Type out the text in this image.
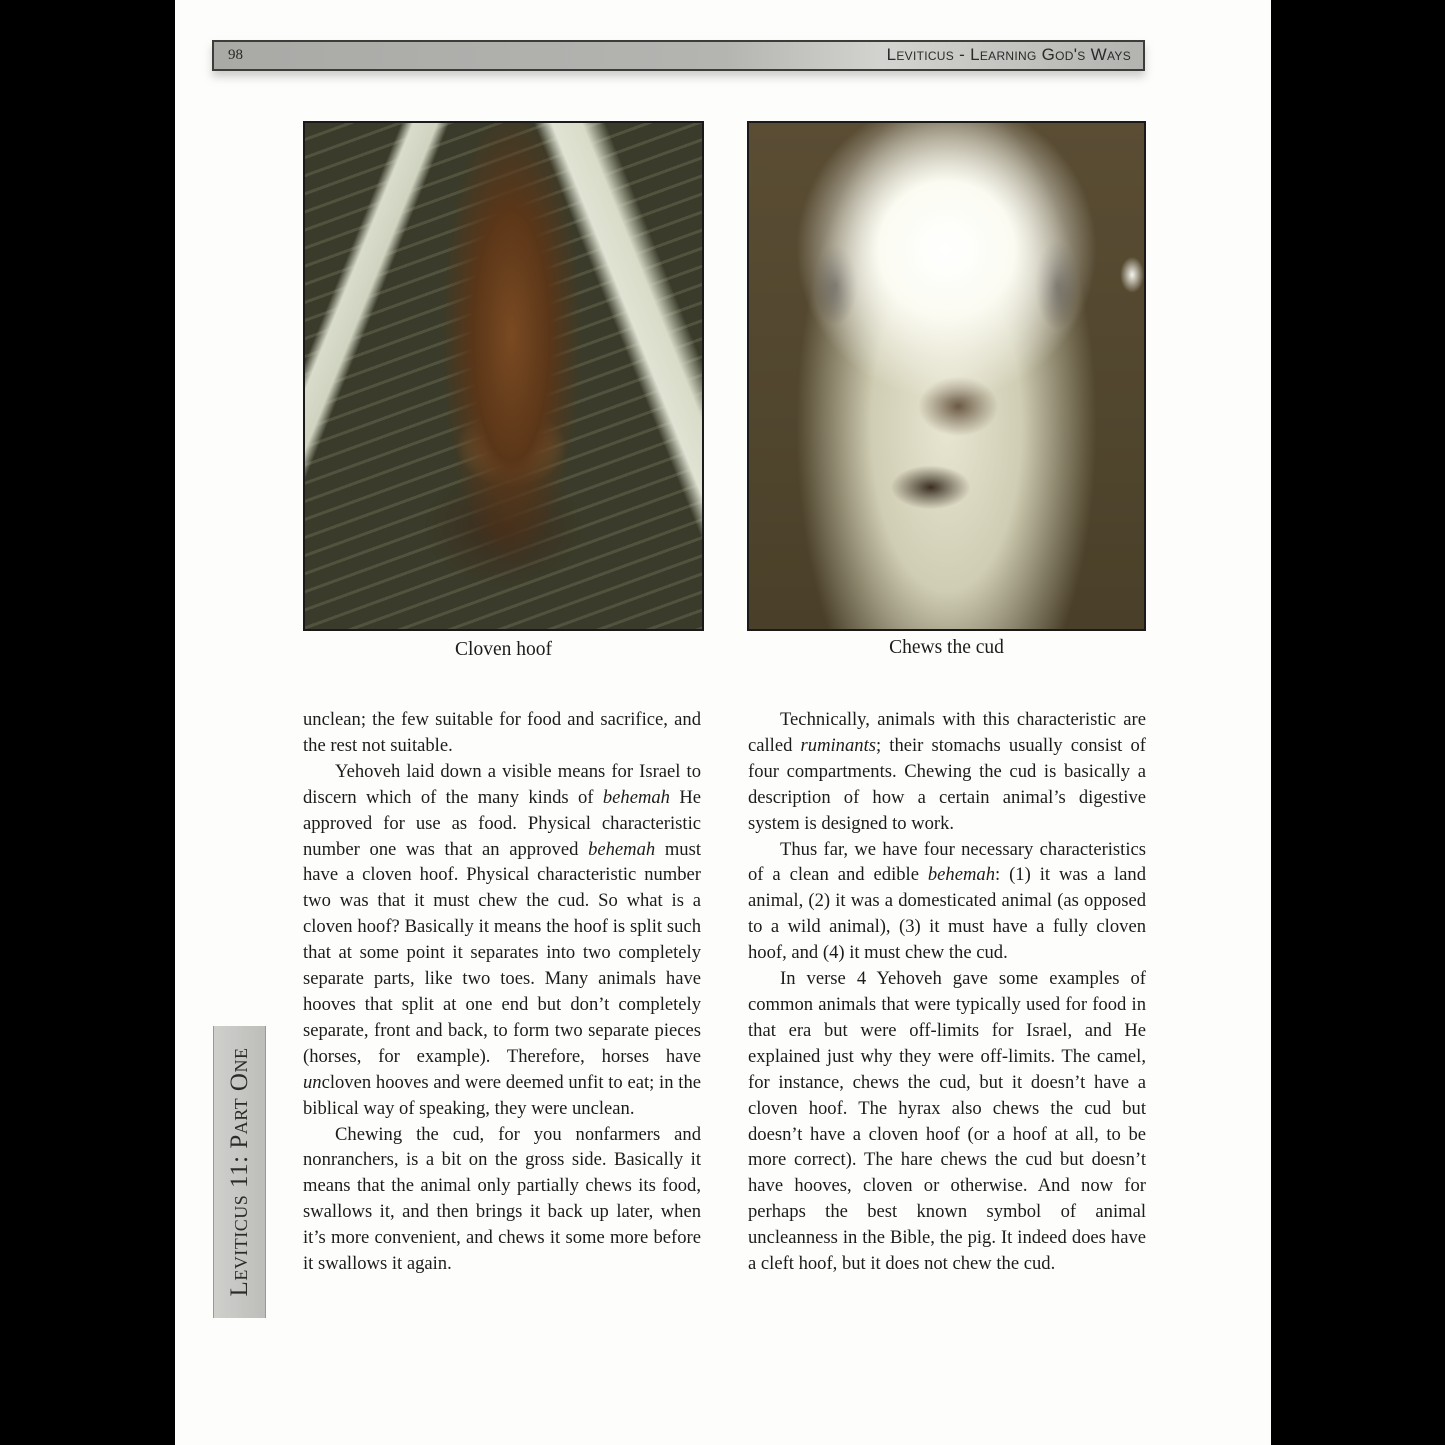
98	Leviticus - Learning God's Ways
Cloven hoof	Chews the cud

unclean; the few suitable for food and sacrifice, and the rest not suitable.

Yehoveh laid down a visible means for Israel to discern which of the many kinds of behemah He approved for use as food. Physical characteristic number one was that an approved behemah must have a cloven hoof. Physical characteristic number two was that it must chew the cud. So what is a cloven hoof? Basically it means the hoof is split such that at some point it separates into two completely separate parts, like two toes. Many animals have hooves that split at one end but don’t completely separate, front and back, to form two separate pieces (horses, for example). Therefore, horses have uncloven hooves and were deemed unfit to eat; in the biblical way of speaking, they were unclean.

Chewing the cud, for you nonfarmers and nonranchers, is a bit on the gross side. Basically it means that the animal only partially chews its food, swallows it, and then brings it back up later, when it’s more convenient, and chews it some more before it swallows it again.

Technically, animals with this characteristic are called ruminants; their stomachs usually consist of four compartments. Chewing the cud is basically a description of how a certain animal’s digestive system is designed to work.

Thus far, we have four necessary characteristics of a clean and edible behemah: (1) it was a land animal, (2) it was a domesticated animal (as opposed to a wild animal), (3) it must have a fully cloven hoof, and (4) it must chew the cud.

In verse 4 Yehoveh gave some examples of common animals that were typically used for food in that era but were off-limits for Israel, and He explained just why they were off-limits. The camel, for instance, chews the cud, but it doesn’t have a cloven hoof. The hyrax also chews the cud but doesn’t have a cloven hoof (or a hoof at all, to be more correct). The hare chews the cud but doesn’t have hooves, cloven or otherwise. And now for perhaps the best known symbol of animal uncleanness in the Bible, the pig. It indeed does have a cleft hoof, but it does not chew the cud.

Leviticus 11: Part One
